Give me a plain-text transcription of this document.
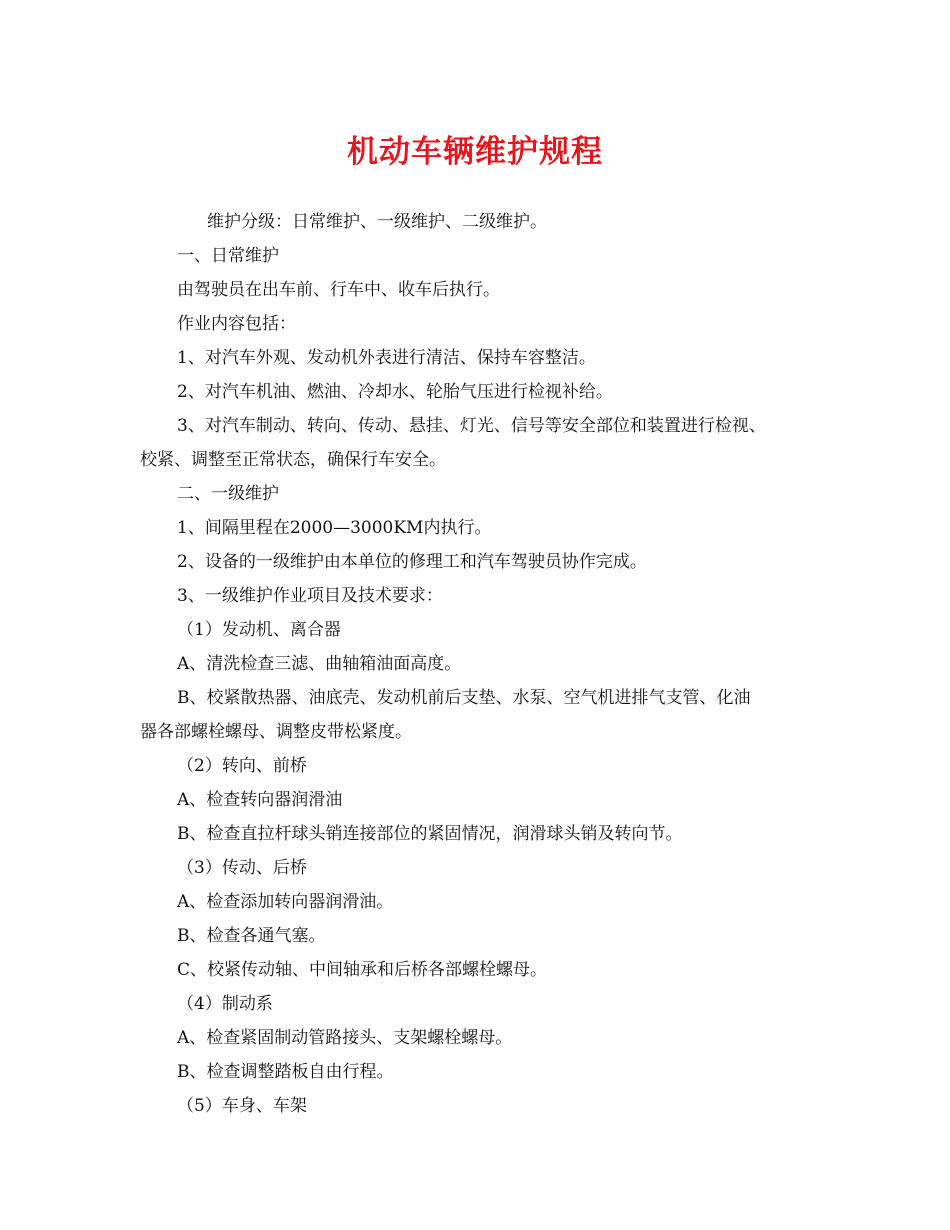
机动车辆维护规程

维护分级：日常维护、一级维护、二级维护。

一、日常维护

由驾驶员在出车前、行车中、收车后执行。

作业内容包括：

1、对汽车外观、发动机外表进行清洁、保持车容整洁。

2、对汽车机油、燃油、冷却水、轮胎气压进行检视补给。

3、对汽车制动、转向、传动、悬挂、灯光、信号等安全部位和装置进行检视、

校紧、调整至正常状态，确保行车安全。

二、一级维护

1、间隔里程在2000—3000KM内执行。

2、设备的一级维护由本单位的修理工和汽车驾驶员协作完成。

3、一级维护作业项目及技术要求：

（1）发动机、离合器

A、清洗检查三滤、曲轴箱油面高度。

B、校紧散热器、油底壳、发动机前后支垫、水泵、空气机进排气支管、化油

器各部螺栓螺母、调整皮带松紧度。

（2）转向、前桥

A、检查转向器润滑油

B、检查直拉杆球头销连接部位的紧固情况，润滑球头销及转向节。

（3）传动、后桥

A、检查添加转向器润滑油。

B、检查各通气塞。

C、校紧传动轴、中间轴承和后桥各部螺栓螺母。

（4）制动系

A、检查紧固制动管路接头、支架螺栓螺母。

B、检查调整踏板自由行程。

（5）车身、车架
